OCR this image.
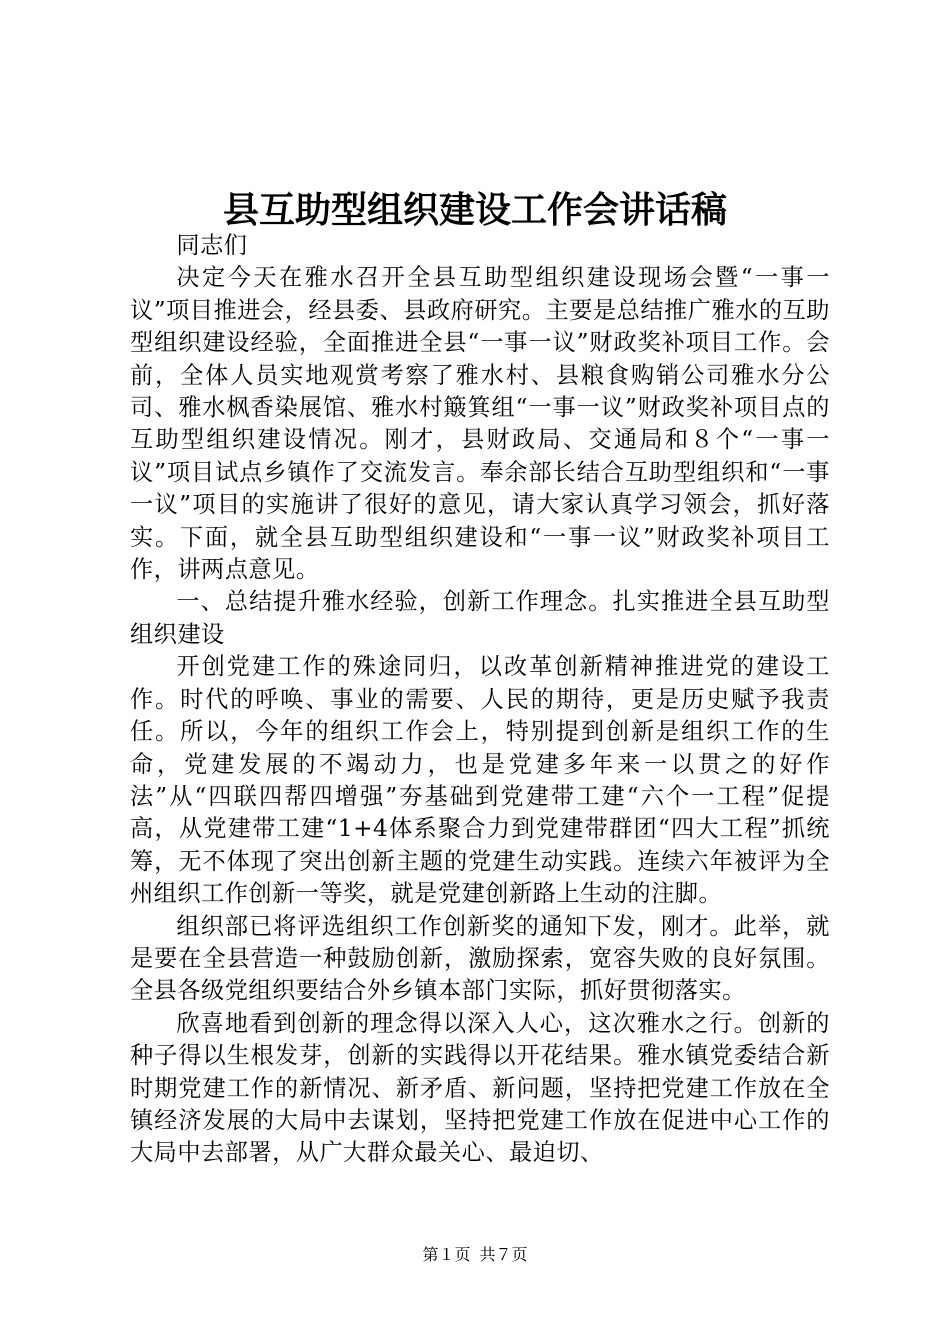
县互助型组织建设工作会讲话稿

同志们

决定今天在雅水召开全县互助型组织建设现场会暨“一事一议”项目推进会，经县委、县政府研究。主要是总结推广雅水的互助型组织建设经验，全面推进全县“一事一议”财政奖补项目工作。会前，全体人员实地观赏考察了雅水村、县粮食购销公司雅水分公司、雅水枫香染展馆、雅水村簸箕组“一事一议”财政奖补项目点的互助型组织建设情况。刚才，县财政局、交通局和８个“一事一议”项目试点乡镇作了交流发言。奉余部长结合互助型组织和“一事一议”项目的实施讲了很好的意见，请大家认真学习领会，抓好落实。下面，就全县互助型组织建设和“一事一议”财政奖补项目工作，讲两点意见。

一、总结提升雅水经验，创新工作理念。扎实推进全县互助型组织建设

开创党建工作的殊途同归，以改革创新精神推进党的建设工作。时代的呼唤、事业的需要、人民的期待，更是历史赋予我责任。所以，今年的组织工作会上，特别提到创新是组织工作的生命，党建发展的不竭动力，也是党建多年来一以贯之的好作法”从“四联四帮四增强”夯基础到党建带工建“六个一工程”促提高，从党建带工建“1+4体系聚合力到党建带群团“四大工程”抓统筹，无不体现了突出创新主题的党建生动实践。连续六年被评为全州组织工作创新一等奖，就是党建创新路上生动的注脚。

组织部已将评选组织工作创新奖的通知下发，刚才。此举，就是要在全县营造一种鼓励创新，激励探索，宽容失败的良好氛围。全县各级党组织要结合外乡镇本部门实际，抓好贯彻落实。

欣喜地看到创新的理念得以深入人心，这次雅水之行。创新的种子得以生根发芽，创新的实践得以开花结果。雅水镇党委结合新时期党建工作的新情况、新矛盾、新问题，坚持把党建工作放在全镇经济发展的大局中去谋划，坚持把党建工作放在促进中心工作的大局中去部署，从广大群众最关心、最迫切、

第１页 共７页
